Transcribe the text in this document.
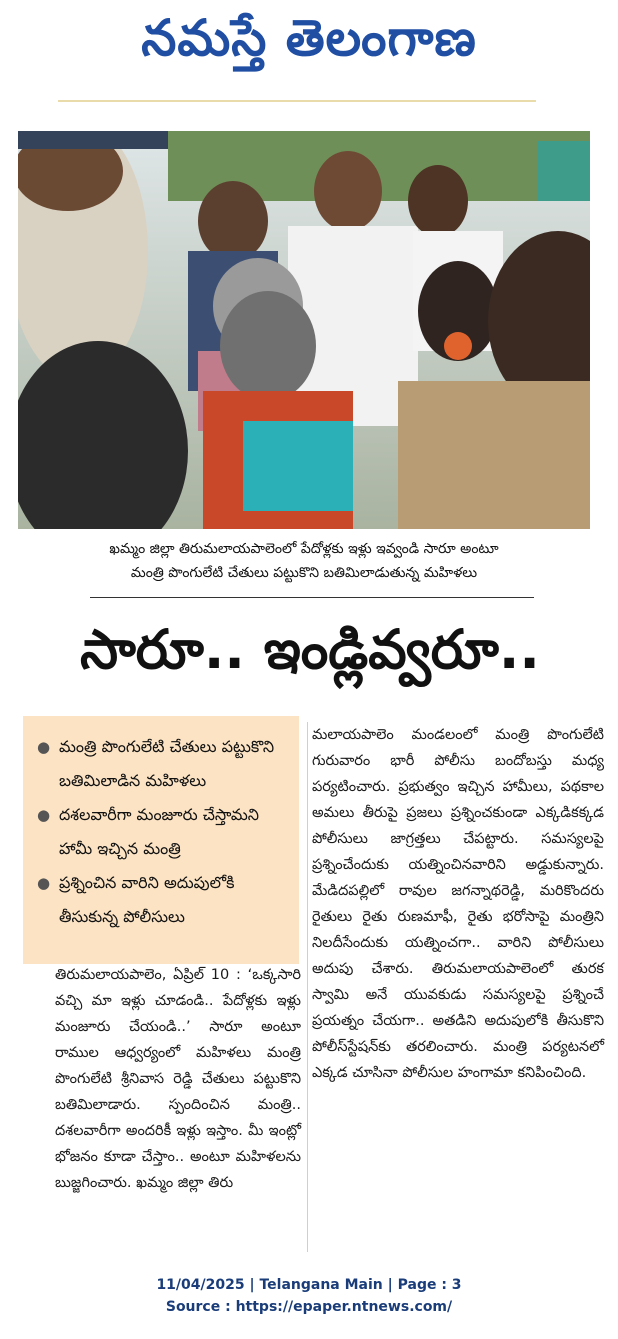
నమస్తే తెలంగాణ
ఖమ్మం జిల్లా తిరుమలాయపాలెంలో పేదోళ్లకు ఇళ్లు ఇవ్వండి సారూ అంటూ
మంత్రి పొంగులేటి చేతులు పట్టుకొని బతిమిలాడుతున్న మహిళలు
సారూ.. ఇండ్లివ్వరూ..
● మంత్రి పొంగులేటి చేతులు పట్టుకొని బతిమిలాడిన మహిళలు
● దశలవారీగా మంజూరు చేస్తామని హామీ ఇచ్చిన మంత్రి
● ప్రశ్నించిన వారిని అదుపులోకి తీసుకున్న పోలీసులు

తిరుమలాయపాలెం, ఏప్రిల్ 10 : ‘ఒక్కసారి వచ్చి మా ఇళ్లు చూడండి.. పేదోళ్లకు ఇళ్లు మంజూరు చేయండి..’ సారూ అంటూ రాముల ఆధ్వర్యంలో మహిళలు మంత్రి పొంగులేటి శ్రీనివాస రెడ్డి చేతులు పట్టుకొని బతిమిలాడారు. స్పందించిన మంత్రి.. దశలవారీగా అందరికీ ఇళ్లు ఇస్తాం. మీ ఇంట్లో భోజనం కూడా చేస్తాం.. అంటూ మహిళలను బుజ్జగించారు. ఖమ్మం జిల్లా తిరు

మలాయపాలెం మండలంలో మంత్రి పొంగులేటి గురువారం భారీ పోలీసు బందోబస్తు మధ్య పర్యటించారు. ప్రభుత్వం ఇచ్చిన హామీలు, పథకాల అమలు తీరుపై ప్రజలు ప్రశ్నించకుండా ఎక్కడికక్కడ పోలీసులు జాగ్రత్తలు చేపట్టారు. సమస్యలపై ప్రశ్నించేందుకు యత్నించినవారిని అడ్డుకున్నారు. మేడిదపల్లిలో రావుల జగన్నాథరెడ్డి, మరికొందరు రైతులు రైతు రుణమాఫీ, రైతు భరోసాపై మంత్రిని నిలదీసేందుకు యత్నించగా.. వారిని పోలీసులు అదుపు చేశారు. తిరుమలాయపాలెంలో తురక స్వామి అనే యువకుడు సమస్యలపై ప్రశ్నించే ప్రయత్నం చేయగా.. అతడిని అదుపులోకి తీసుకొని పోలీస్‌స్టేషన్‌కు తరలించారు. మంత్రి పర్యటనలో ఎక్కడ చూసినా పోలీసుల హంగామా కనిపించింది.

11/04/2025 | Telangana Main | Page : 3
Source : https://epaper.ntnews.com/
